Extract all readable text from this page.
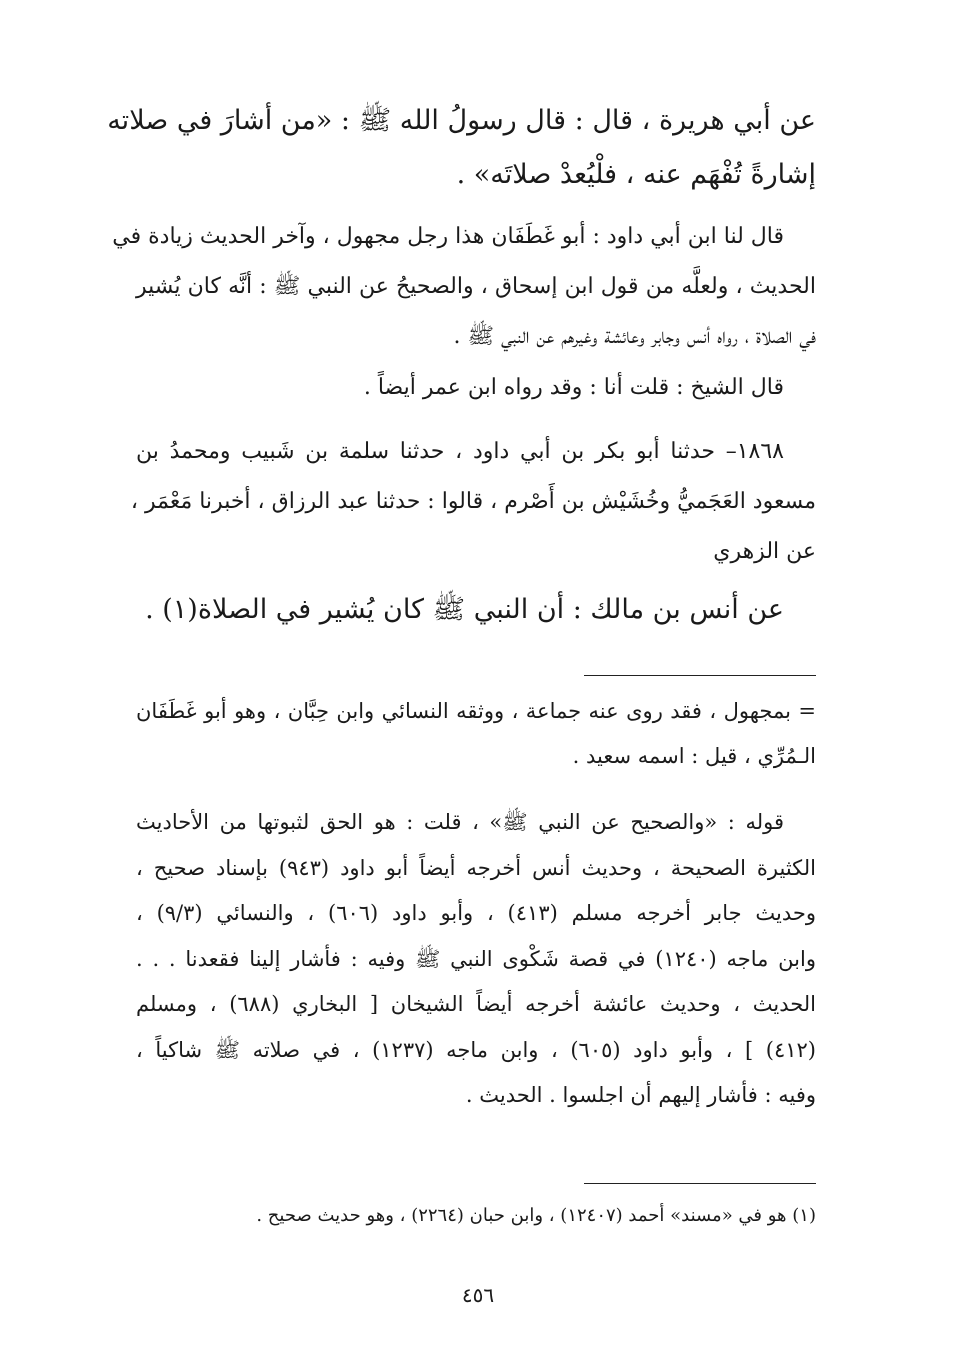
عن أبي هريرة ، قال : قال رسولُ الله ﷺ : «من أشارَ في صلاته
إشارةً تُفْهَم عنه ، فلْيُعدْ صلاتَه» .
قال لنا ابن أبي داود : أبو غَطَفَان هذا رجل مجهول ، وآخر الحديث زيادة في
الحديث ، ولعلَّه من قول ابن إسحاق ، والصحيحُ عن النبي ﷺ : أنَّه كان يُشير
في الصلاة ، رواه أنس وجابر وعائشة وغيرهم عن النبي ﷺ .
قال الشيخ : قلت أنا : وقد رواه ابن عمر أيضاً .
١٨٦٨– حدثنا أبو بكر بن أبي داود ، حدثنا سلمة بن شَبيب ومحمدُ بن
مسعود العَجَميُّ وخُشَيْش بن أَصْرم ، قالوا : حدثنا عبد الرزاق ، أخبرنا مَعْمَر ،
عن الزهري
عن أنس بن مالك : أن النبي ﷺ كان يُشير في الصلاة(١) .
= بمجهول ، فقد روى عنه جماعة ، ووثقه النسائي وابن حِبَّان ، وهو أبو غَطَفَان
الـمُرِّي ، قيل : اسمه سعيد .
قوله : «والصحيح عن النبي ﷺ» ، قلت : هو الحق لثبوتها من الأحاديث
الكثيرة الصحيحة ، وحديث أنس أخرجه أيضاً أبو داود (٩٤٣) بإسناد صحيح ،
وحديث جابر أخرجه مسلم (٤١٣) ، وأبو داود (٦٠٦) ، والنسائي (٩/٣) ،
وابن ماجه (١٢٤٠) في قصة شَكْوى النبي ﷺ وفيه : فأشار إلينا فقعدنا . . .
الحديث ، وحديث عائشة أخرجه أيضاً الشيخان [ البخاري (٦٨٨) ، ومسلم
(٤١٢) ] ، وأبو داود (٦٠٥) ، وابن ماجه (١٢٣٧) ، في صلاته ﷺ شاكياً ،
وفيه : فأشار إليهم أن اجلسوا . الحديث .
(١) هو في «مسند» أحمد (١٢٤٠٧) ، وابن حبان (٢٢٦٤) ، وهو حديث صحيح .
٤٥٦
